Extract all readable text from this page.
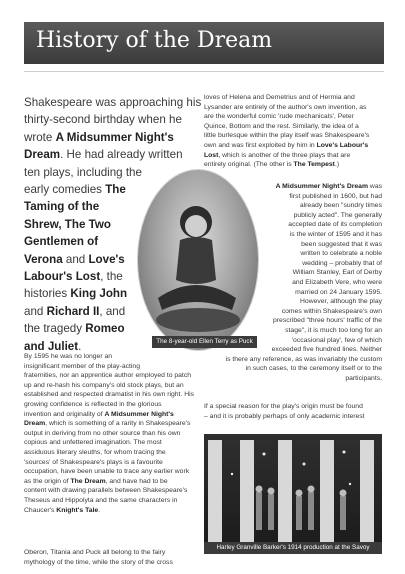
History of the Dream
Shakespeare was approaching his
thirty-second birthday when he
wrote A Midsummer Night's
Dream. He had already written
ten plays, including the
early comedies The
Taming of the
Shrew, The Two
Gentlemen of
Verona and Love's
Labour's Lost, the
histories King John
and Richard II, and
the tragedy Romeo
and Juliet.
By 1595 he was no longer an
insignificant member of the play-acting
fraternities, nor an apprentice author employed to patch
up and re-hash his company's old stock plays, but an
established and respected dramatist in his own right. His
growing confidence is reflected in the glorious
invention and originality of A Midsummer Night's
Dream, which is something of a rarity in Shakespeare's
output in deriving from no other source than his own
copious and unfettered imagination. The most
assiduous literary sleuths, for whom tracing the
'sources' of Shakespeare's plays is a favourite
occupation, have been unable to trace any earlier work
as the origin of The Dream, and have had to be
content with drawing parallels between Shakespeare's
Theseus and Hippolyta and the same characters in
Chaucer's Knight's Tale.
Oberon, Titania and Puck all belong to the fairy
mythology of the time, while the story of the cross
loves of Helena and Demetrius and of Hermia and
Lysander are entirely of the author's own invention, as
are the wonderful comic 'rude mechanicals', Peter
Quince, Bottom and the rest. Similarly, the idea of a
little burlesque within the play itself was Shakespeare's
own and was first exploited by him in Love's Labour's
Lost, which is another of the three plays that are
entirely original. (The other is The Tempest.)
A Midsummer Night's Dream was
first published in 1600, but had
already been "sundry times
publicly acted". The generally
accepted date of its completion
is the winter of 1595 and it has
been suggested that it was
written to celebrate a noble
wedding – probably that of
William Stanley, Earl of Derby
and Elizabeth Vere, who were
married on 24 January 1595.
However, although the play
comes within Shakespeare's own
prescribed "three hours' traffic of the
stage", it is much too long for an
'occasional play', few of which
exceeded five hundred lines. Neither
is there any reference, as was invariably the custom
in such cases, to the ceremony itself or to the
participants.
If a special reason for the play's origin must be found
– and it is probably perhaps of only academic interest
The 8-year-old Ellen Terry as Puck
Harley Granville Barker's 1914 production at the Savoy
